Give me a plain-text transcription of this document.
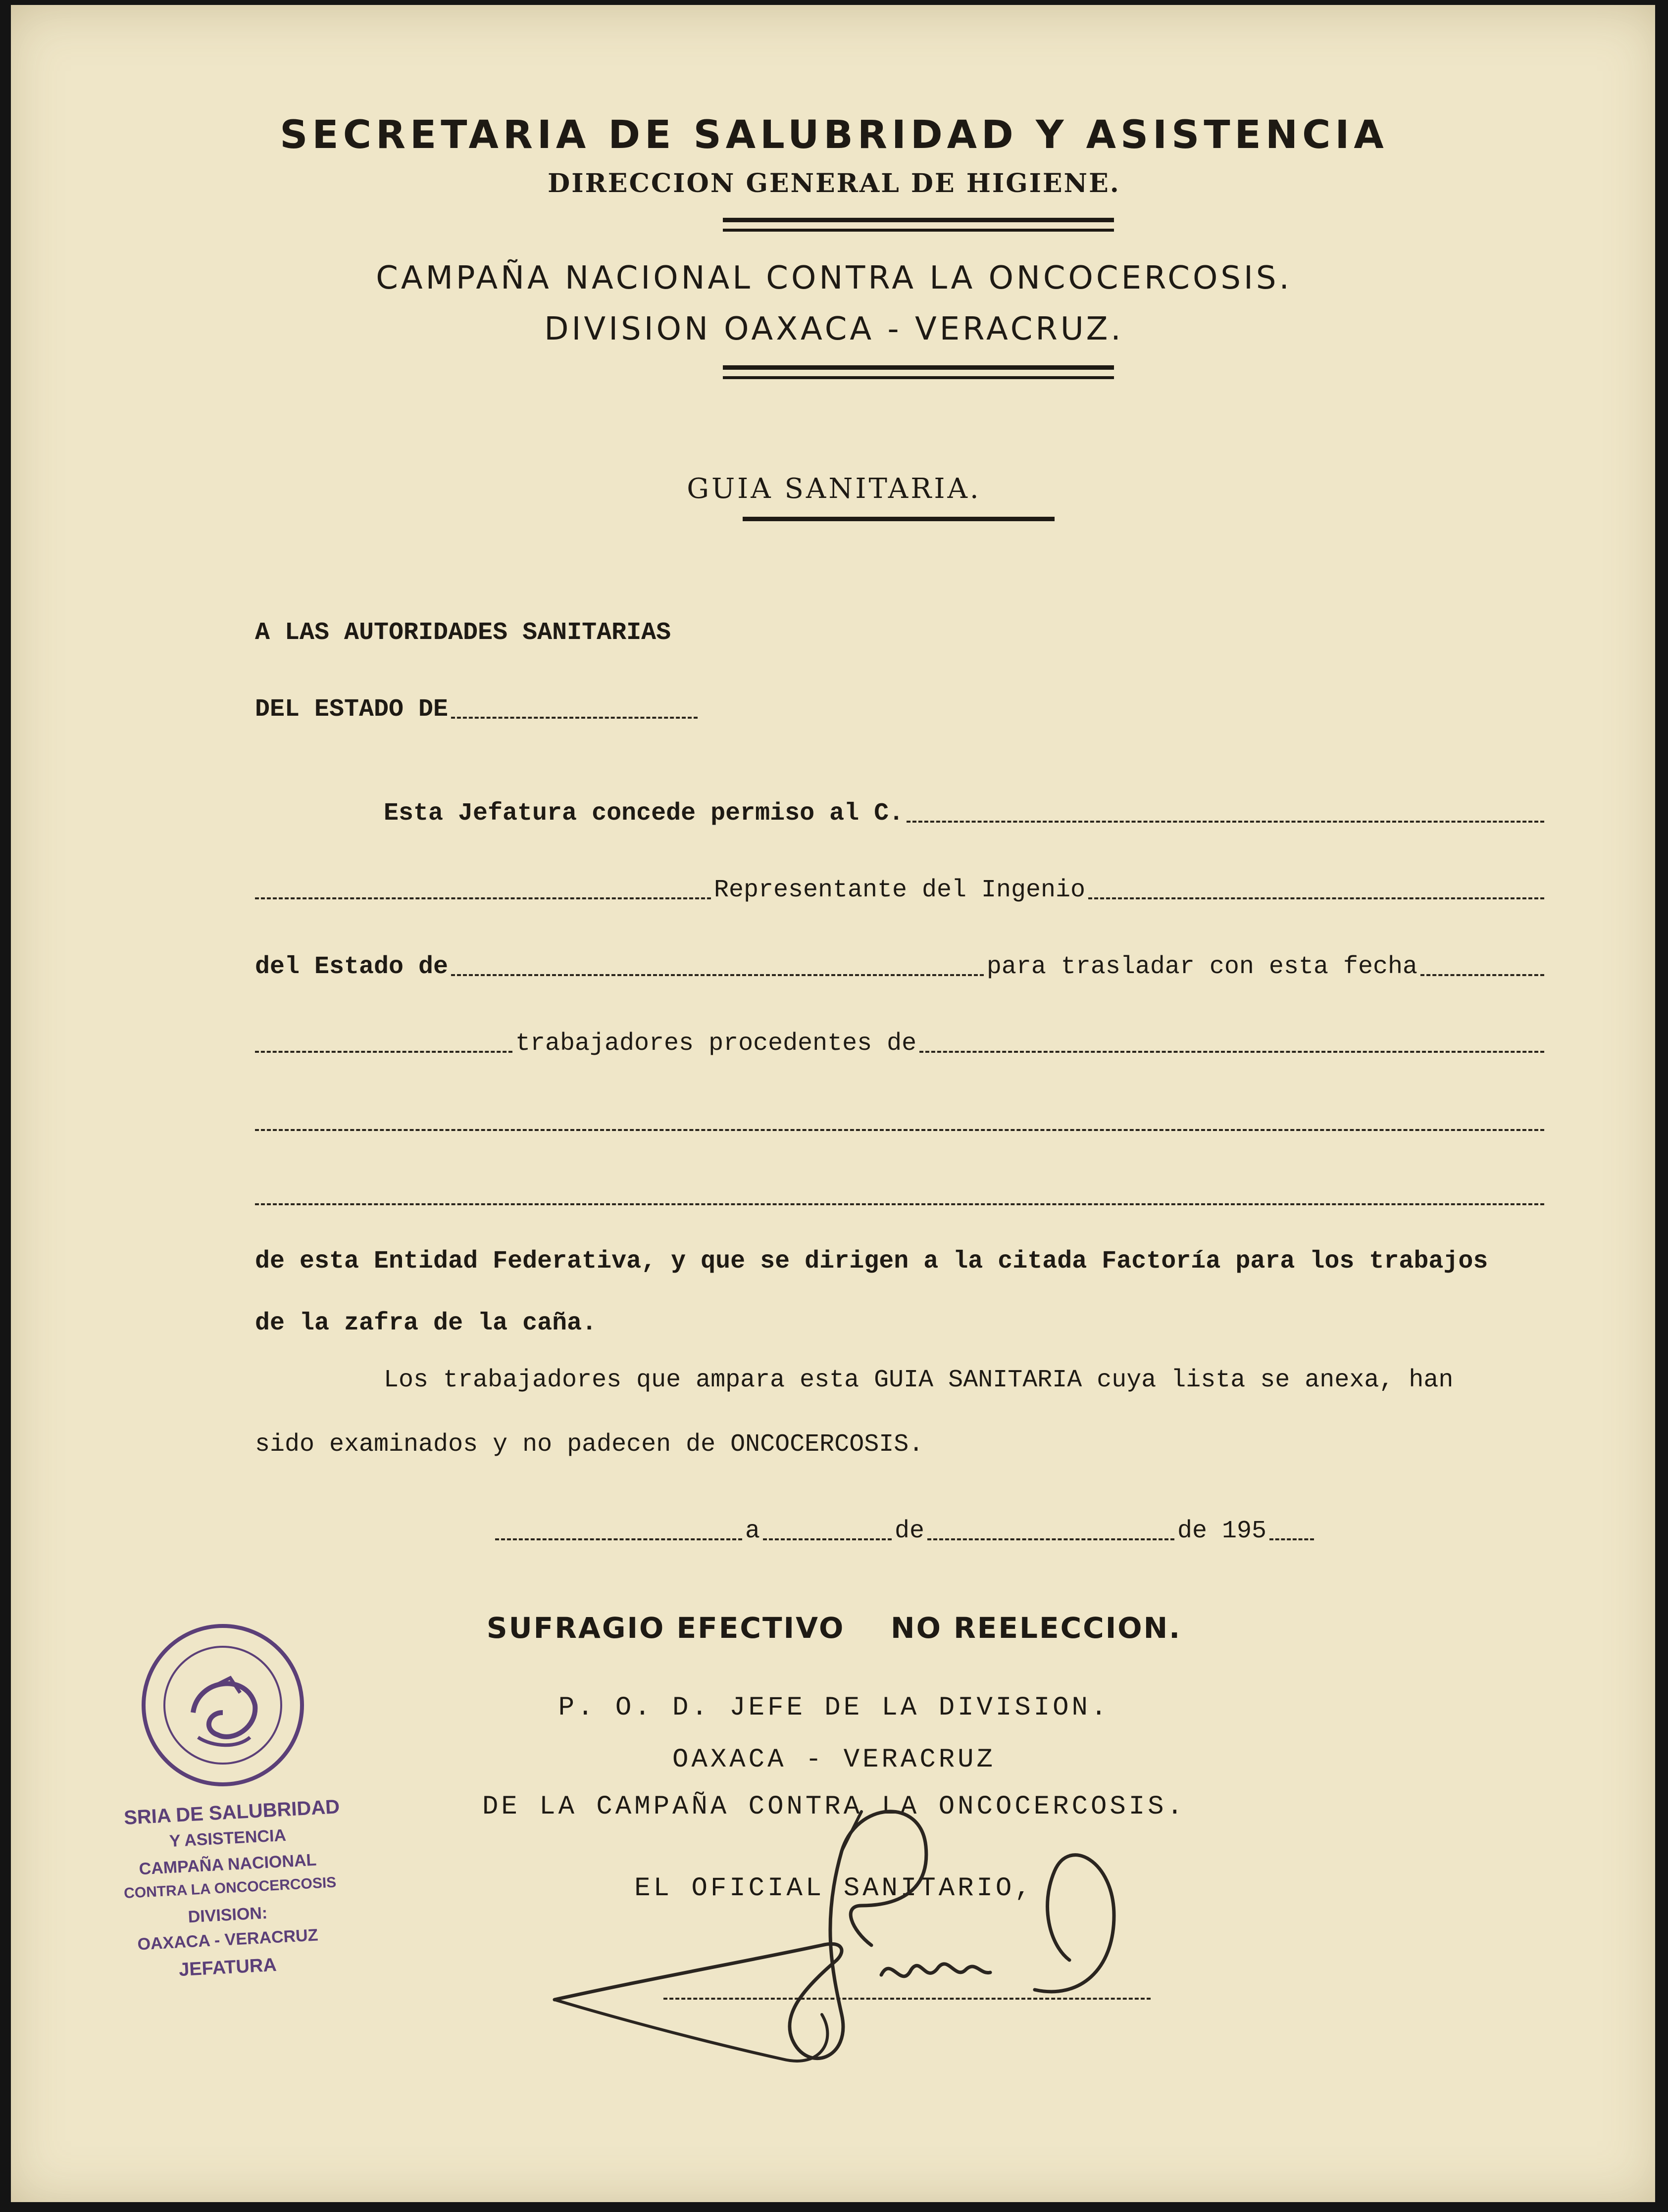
SECRETARIA DE SALUBRIDAD Y ASISTENCIA
DIRECCION GENERAL DE HIGIENE.
CAMPAÑA NACIONAL CONTRA LA ONCOCERCOSIS.
DIVISION OAXACA - VERACRUZ.
GUIA SANITARIA.
A LAS AUTORIDADES SANITARIAS
DEL ESTADO DE
Esta Jefatura concede permiso al C.
Representante del Ingenio
del Estado de	para trasladar con esta fecha
trabajadores procedentes de
de esta Entidad Federativa, y que se dirigen a la citada Factoría para los trabajos
de la zafra de la caña.
Los trabajadores que ampara esta GUIA SANITARIA cuya lista se anexa, han
sido examinados y no padecen de ONCOCERCOSIS.
a	de	de 195
SUFRAGIO EFECTIVO    NO REELECCION.
P. O. D. JEFE DE LA DIVISION.
OAXACA - VERACRUZ
DE LA CAMPAÑA CONTRA LA ONCOCERCOSIS.
EL OFICIAL SANITARIO,
SRIA DE SALUBRIDAD
Y ASISTENCIA
CAMPAÑA NACIONAL
CONTRA LA ONCOCERCOSIS
DIVISION:
OAXACA - VERACRUZ
JEFATURA
